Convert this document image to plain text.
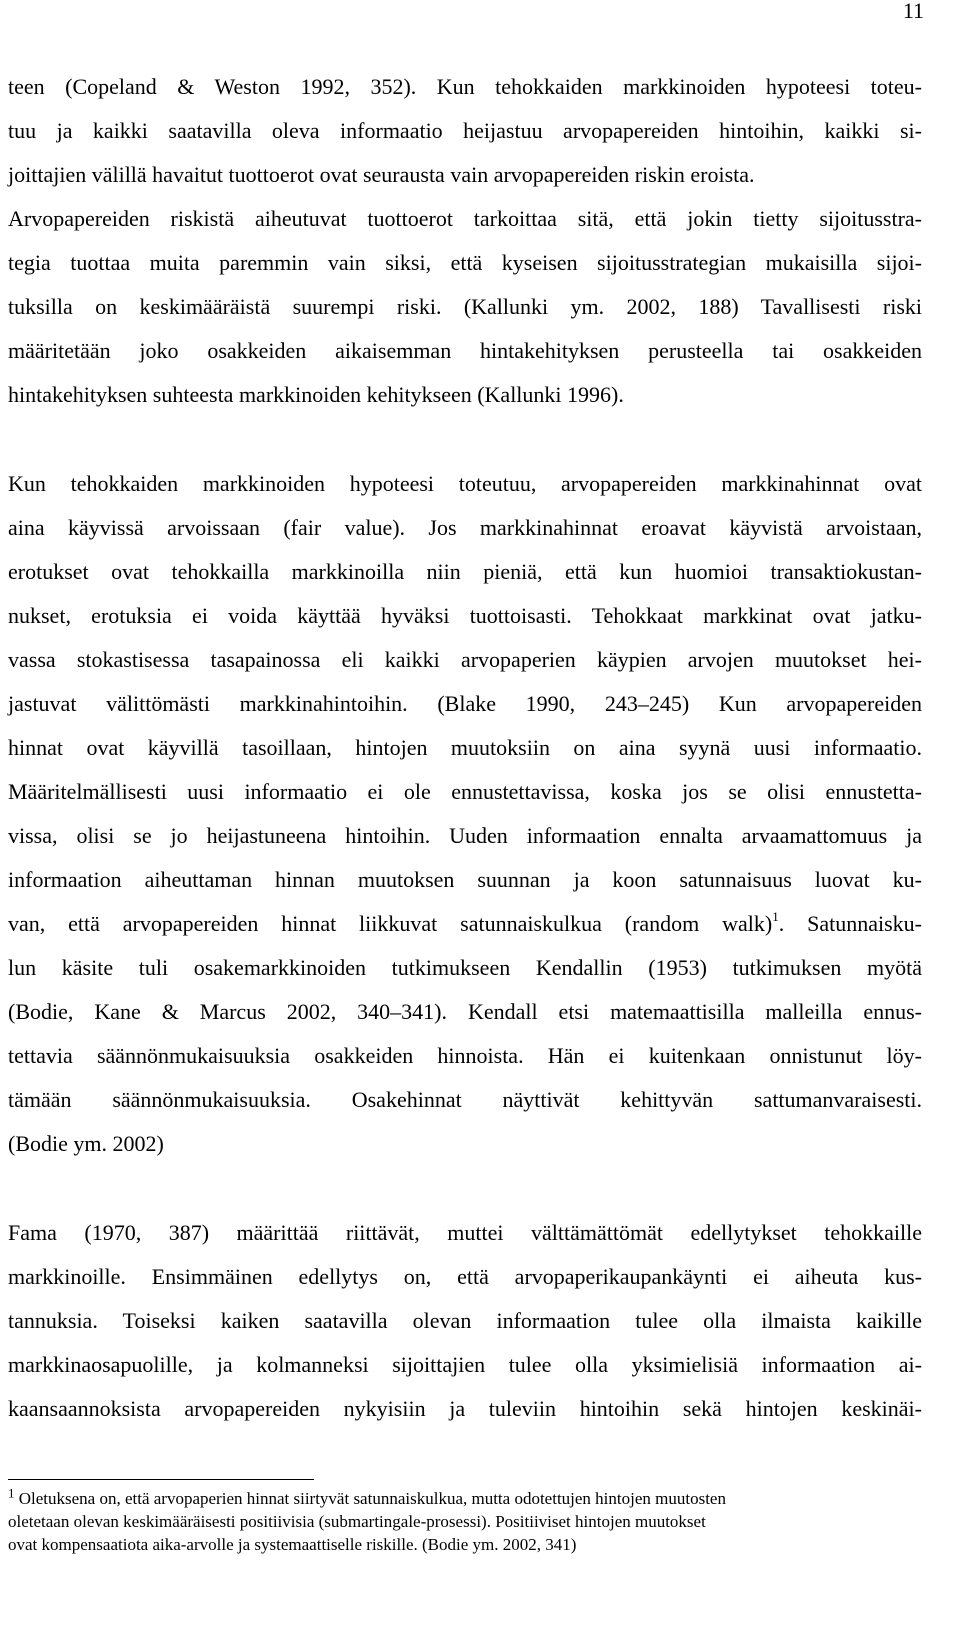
11
teen (Copeland & Weston 1992, 352). Kun tehokkaiden markkinoiden hypoteesi toteu-
tuu ja kaikki saatavilla oleva informaatio heijastuu arvopapereiden hintoihin, kaikki si-
joittajien välillä havaitut tuottoerot ovat seurausta vain arvopapereiden riskin eroista.
Arvopapereiden riskistä aiheutuvat tuottoerot tarkoittaa sitä, että jokin tietty sijoitusstra-
tegia tuottaa muita paremmin vain siksi, että kyseisen sijoitusstrategian mukaisilla sijoi-
tuksilla on keskimääräistä suurempi riski. (Kallunki ym. 2002, 188) Tavallisesti riski
määritetään joko osakkeiden aikaisemman hintakehityksen perusteella tai osakkeiden
hintakehityksen suhteesta markkinoiden kehitykseen (Kallunki 1996).
Kun tehokkaiden markkinoiden hypoteesi toteutuu, arvopapereiden markkinahinnat ovat
aina käyvissä arvoissaan (fair value). Jos markkinahinnat eroavat käyvistä arvoistaan,
erotukset ovat tehokkailla markkinoilla niin pieniä, että kun huomioi transaktiokustan-
nukset, erotuksia ei voida käyttää hyväksi tuottoisasti. Tehokkaat markkinat ovat jatku-
vassa stokastisessa tasapainossa eli kaikki arvopaperien käypien arvojen muutokset hei-
jastuvat välittömästi markkinahintoihin. (Blake 1990, 243–245) Kun arvopapereiden
hinnat ovat käyvillä tasoillaan, hintojen muutoksiin on aina syynä uusi informaatio.
Määritelmällisesti uusi informaatio ei ole ennustettavissa, koska jos se olisi ennustetta-
vissa, olisi se jo heijastuneena hintoihin. Uuden informaation ennalta arvaamattomuus ja
informaation aiheuttaman hinnan muutoksen suunnan ja koon satunnaisuus luovat ku-
van, että arvopapereiden hinnat liikkuvat satunnaiskulkua (random walk)$^1$. Satunnaisku-
lun käsite tuli osakemarkkinoiden tutkimukseen Kendallin (1953) tutkimuksen myötä
(Bodie, Kane & Marcus 2002, 340–341). Kendall etsi matemaattisilla malleilla ennus-
tettavia säännönmukaisuuksia osakkeiden hinnoista. Hän ei kuitenkaan onnistunut löy-
tämään säännönmukaisuuksia. Osakehinnat näyttivät kehittyvän sattumanvaraisesti.
(Bodie ym. 2002)
Fama (1970, 387) määrittää riittävät, muttei välttämättömät edellytykset tehokkaille
markkinoille. Ensimmäinen edellytys on, että arvopaperikaupankäynti ei aiheuta kus-
tannuksia. Toiseksi kaiken saatavilla olevan informaation tulee olla ilmaista kaikille
markkinaosapuolille, ja kolmanneksi sijoittajien tulee olla yksimielisiä informaation ai-
kaansaannoksista arvopapereiden nykyisiin ja tuleviin hintoihin sekä hintojen keskinäi-
$^1$ Oletuksena on, että arvopaperien hinnat siirtyvät satunnaiskulkua, mutta odotettujen hintojen muutosten
oletetaan olevan keskimääräisesti positiivisia (submartingale-prosessi). Positiiviset hintojen muutokset
ovat kompensaatiota aika-arvolle ja systemaattiselle riskille. (Bodie ym. 2002, 341)
